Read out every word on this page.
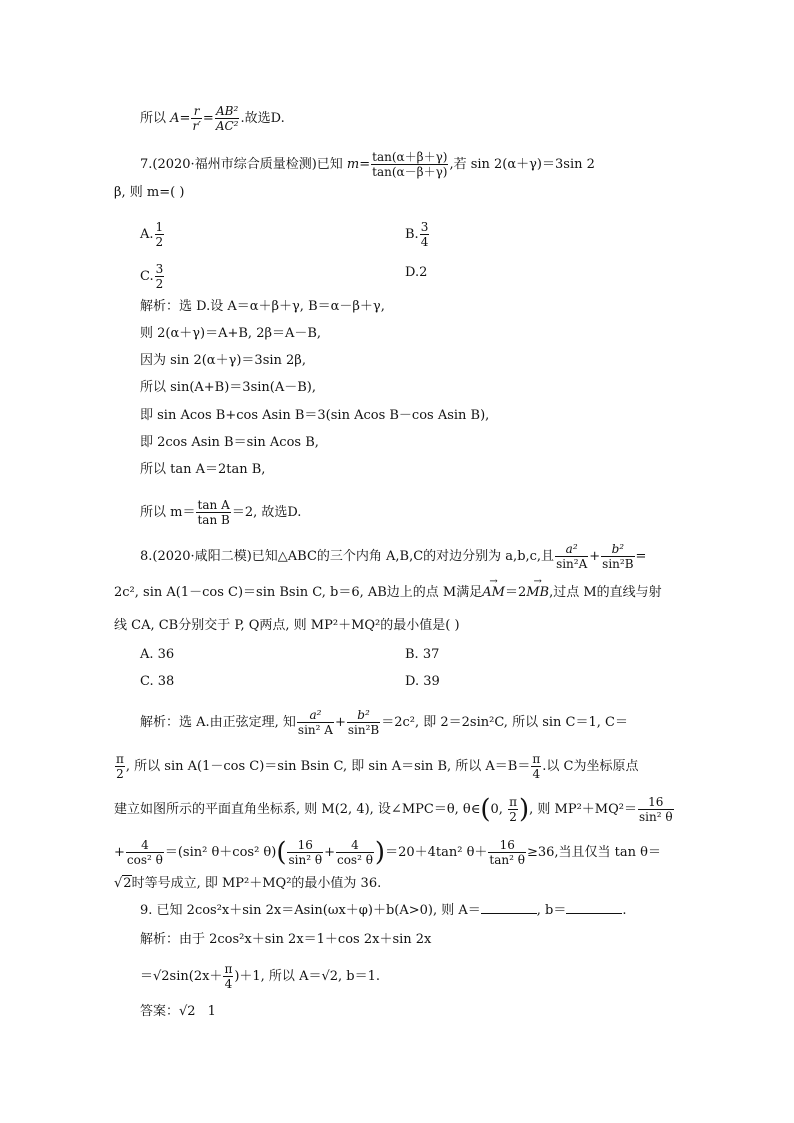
所以 $A= \frac{r}{r'} = \frac{\text{AB²}}{\text{AC²}}$ .故选D.
7.(2020·福州市综合质量检测)已知 $m= \frac{\tan(\alpha+\beta+\gamma)}{\tan(\alpha-\beta+\gamma)}$ ,若 sin 2(α＋γ)＝3sin 2
β, 则 m=( )
A. $\frac{1}{2}$	B. $\frac{3}{4}$
C. $\frac{3}{2}$	D.2
解析：选 D.设 A＝α＋β＋γ, B＝α－β＋γ,
则 2(α＋γ)＝A+B, 2β＝A－B,
因为 sin 2(α＋γ)＝3sin 2β,
所以 sin(A+B)＝3sin(A－B),
即 sin Acos B+cos Asin B＝3(sin Acos B－cos Asin B),
即 2cos Asin B＝sin Acos B,
所以 tan A＝2tan B,
所以 $m= \frac{\text{tan A}}{\text{tan B}} =2$, 故选D.
8.(2020·咸阳二模)已知△ABC的三个内角 A,B,C的对边分别为 a,b,c,且 $\frac{\text{a²}}{\text{sin²A}} + \frac{\text{b²}}{\text{sin²B}}$ =
2c², sin A(1－cos C)＝sin Bsin C, b＝6, AB边上的点 M满足→ AM＝2→ MB,过点 M的直线与射
线 CA, CB分别交于 P, Q两点, 则 MP²＋MQ²的最小值是( )
A. 36	B. 37
C. 38	D. 39
解析：选 A.由正弦定理, 知 $\frac{\text{a²}}{\text{sin² A}} + \frac{\text{b²}}{\text{sin²B}} =2c^2$, 即 2＝2sin²C, 所以 sin C＝1, C＝
$\frac{\pi}{2}$ , 所以 sin A(1－cos C)＝sin Bsin C, 即 sin A＝sin B, 所以 $A=B= \frac{\pi}{4}$ .以 C为坐标原点
建立如图所示的平面直角坐标系, 则 M(2, 4), 设∠MPC＝θ, θ∈(0, $\frac{\pi}{2}$ ), 则 $MP^2+MQ^2= \frac{16}{\text{sin² θ}}$
+ $\frac{4}{\text{cos² θ}} =(\sin^2$ θ＋cos² $\theta)( \frac{16}{\text{sin² θ}} + \frac{4}{\text{cos² θ}} )=20+4\tan^2$ $\theta+ \frac{16}{\text{tan² θ}} \ge 36$,当且仅当 tan θ＝
√2时等号成立, 即 MP²＋MQ²的最小值为 36.
9. 已知 2cos²x＋sin 2x＝Asin(ωx＋φ)＋b(A>0), 则 A＝	, b＝	.
解析：由于 2cos²x＋sin 2x＝1＋cos 2x＋sin 2x
$=√2\sin(2x+ \frac{\pi}{4} )+1$, 所以 A＝√2, b＝1.
答案：√2 1
